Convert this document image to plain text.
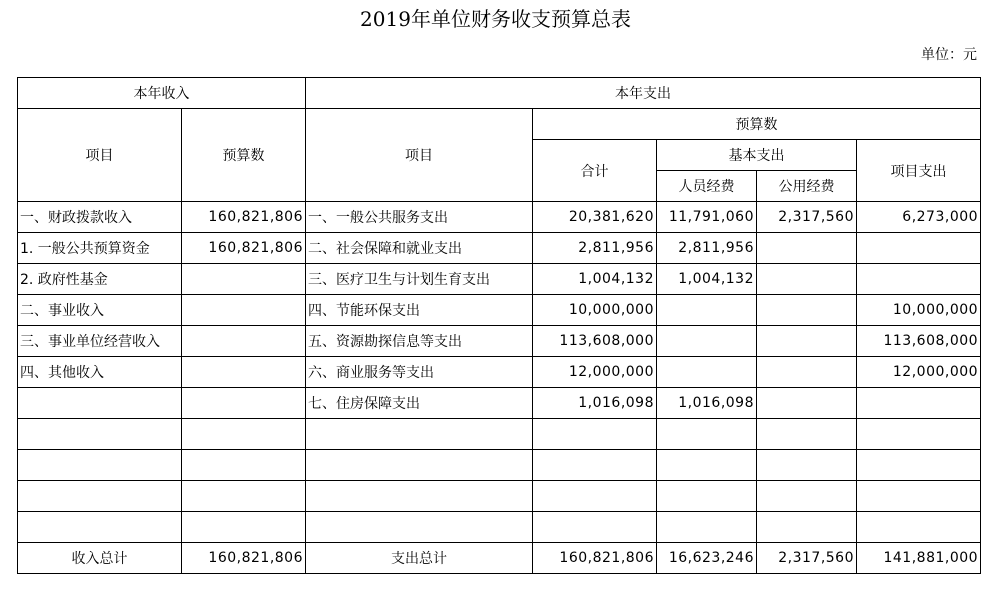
2019年单位财务收支预算总表
单位：元
本年收入		本年支出				
项目	预算数	项目	预算数			
			合计	基本支出		项目支出
				人员经费	公用经费	
一、财政拨款收入	160,821,806	一、一般公共服务支出	20,381,620	11,791,060	2,317,560	6,273,000
1. 一般公共预算资金	160,821,806	二、社会保障和就业支出	2,811,956	2,811,956		
2. 政府性基金		三、医疗卫生与计划生育支出	1,004,132	1,004,132		
二、事业收入		四、节能环保支出	10,000,000			10,000,000
三、事业单位经营收入		五、资源勘探信息等支出	113,608,000			113,608,000
四、其他收入		六、商业服务等支出	12,000,000			12,000,000
		七、住房保障支出	1,016,098	1,016,098		

收入总计	160,821,806	支出总计	160,821,806	16,623,246	2,317,560	141,881,000
